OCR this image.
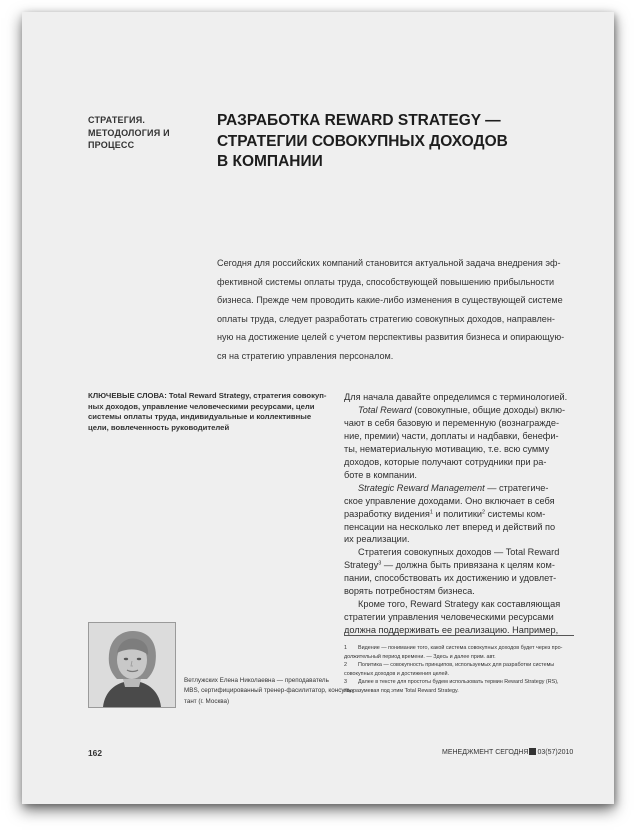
СТРАТЕГИЯ.
МЕТОДОЛОГИЯ И
ПРОЦЕСС
РАЗРАБОТКА REWARD STRATEGY —
СТРАТЕГИИ СОВОКУПНЫХ ДОХОДОВ
В КОМПАНИИ
Сегодня для российских компаний становится актуальной задача внедрения эф-
фективной системы оплаты труда, способствующей повышению прибыльности
бизнеса. Прежде чем проводить какие-либо изменения в существующей системе
оплаты труда, следует разработать стратегию совокупных доходов, направлен-
ную на достижение целей с учетом перспективы развития бизнеса и опирающую-
ся на стратегию управления персоналом.
КЛЮЧЕВЫЕ СЛОВА: Total Reward Strategy, стратегия совокуп-
ных доходов, управление человеческими ресурсами, цели
системы оплаты труда, индивидуальные и коллективные
цели, вовлеченность руководителей
Для начала давайте определимся с терминологией.
Total Reward (совокупные, общие доходы) вклю-
чают в себя базовую и переменную (вознагражде-
ние, премии) части, доплаты и надбавки, бенефи-
ты, нематериальную мотивацию, т.е. всю сумму
доходов, которые получают сотрудники при ра-
боте в компании.
Strategic Reward Management — стратегиче-
ское управление доходами. Оно включает в себя
разработку видения$^1$ и политики$^2$ системы ком-
пенсации на несколько лет вперед и действий по
их реализации.
Стратегия совокупных доходов — Total Reward
Strategy$^3$ — должна быть привязана к целям ком-
пании, способствовать их достижению и удовлет-
ворять потребностям бизнеса.
Кроме того, Reward Strategy как составляющая
стратегии управления человеческими ресурсами
должна поддерживать ее реализацию. Например,
1 Видение — понимание того, какой система совокупных доходов будет через про-
должительный период времени. — Здесь и далее прим. авт.
2 Политика — совокупность принципов, используемых для разработки системы
совокупных доходов и достижения целей.
3 Далее в тексте для простоты будем использовать термин Reward Strategy (RS),
подразумевая под этим Total Reward Strategy.
Ветлужских Елена Николаевна — преподаватель
MBS, сертифицированный тренер-фасилитатор, консуль-
тант (г. Москва)
162	МЕНЕДЖМЕНТ СЕГОДНЯ 03(57)2010
